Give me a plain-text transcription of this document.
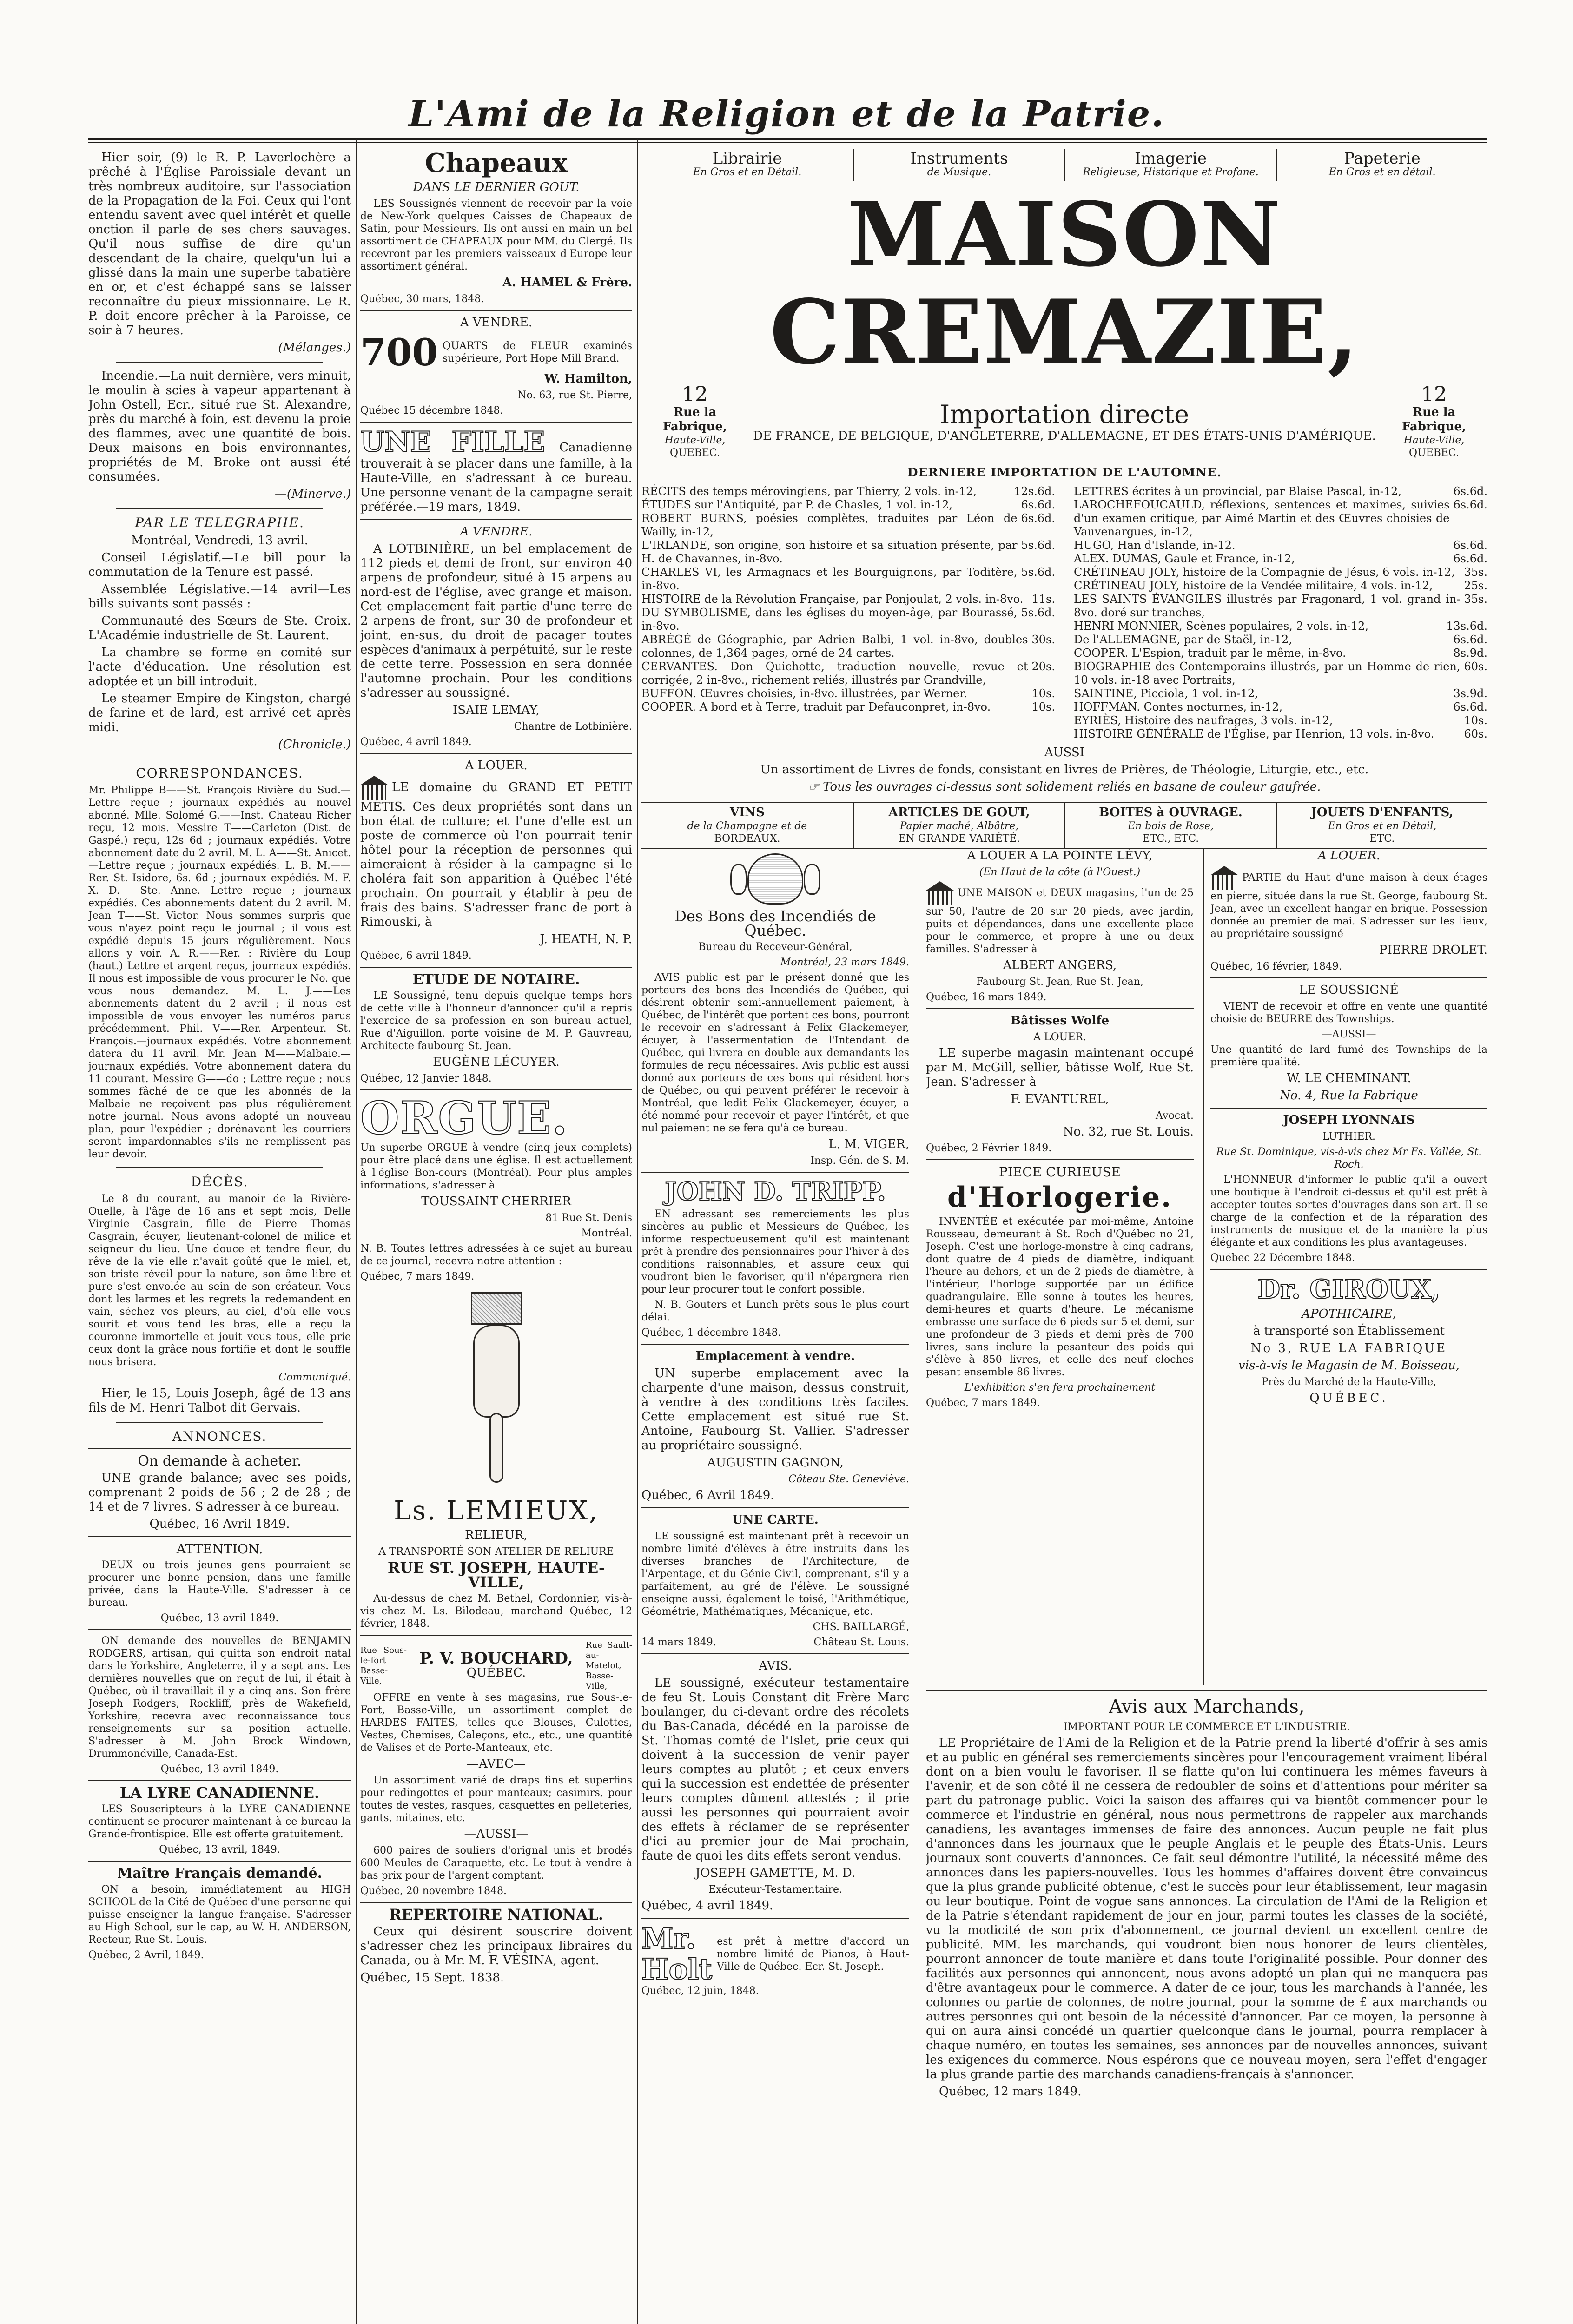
L'Ami de la Religion et de la Patrie.

Hier soir, (9) le R. P. Laverlochère a prêché à l'Église Paroissiale devant un très nombreux auditoire, sur l'association de la Propagation de la Foi. Ceux qui l'ont entendu savent avec quel intérêt et quelle onction il parle de ses chers sauvages. Qu'il nous suffise de dire qu'un descendant de la chaire, quelqu'un lui a glissé dans la main une superbe tabatière en or, et c'est échappé sans se laisser reconnaître du pieux missionnaire. Le R. P. doit encore prêcher à la Paroisse, ce soir à 7 heures.

(Mélanges.)

Incendie.—La nuit dernière, vers minuit, le moulin à scies à vapeur appartenant à John Ostell, Ecr., situé rue St. Alexandre, près du marché à foin, est devenu la proie des flammes, avec une quantité de bois. Deux maisons en bois environnantes, propriétés de M. Broke ont aussi été consumées.

—(Minerve.)

PAR LE TELEGRAPHE.

Montréal, Vendredi, 13 avril.

Conseil Législatif.—Le bill pour la commutation de la Tenure est passé.

Assemblée Législative.—14 avril—Les bills suivants sont passés :

Communauté des Sœurs de Ste. Croix. L'Académie industrielle de St. Laurent.

La chambre se forme en comité sur l'acte d'éducation. Une résolution est adoptée et un bill introduit.

Le steamer Empire de Kingston, chargé de farine et de lard, est arrivé cet après midi.

(Chronicle.)

CORRESPONDANCES.

Mr. Philippe B——St. François Rivière du Sud.—Lettre reçue ; journaux expédiés au nouvel abonné. Mlle. Solomé G.——Inst. Chateau Richer reçu, 12 mois. Messire T——Carleton (Dist. de Gaspé.) reçu, 12s 6d ; journaux expédiés. Votre abonnement date du 2 avril. M. L. A——St. Anicet.—Lettre reçue ; journaux expédiés. L. B. M.——Rer. St. Isidore, 6s. 6d ; journaux expédiés. M. F. X. D.——Ste. Anne.—Lettre reçue ; journaux expédiés. Ces abonnements datent du 2 avril. M. Jean T——St. Victor. Nous sommes surpris que vous n'ayez point reçu le journal ; il vous est expédié depuis 15 jours régulièrement. Nous allons y voir. A. R.——Rer. : Rivière du Loup (haut.) Lettre et argent reçus, journaux expédiés. Il nous est impossible de vous procurer le No. que vous nous demandez. M. L. J.——Les abonnements datent du 2 avril ; il nous est impossible de vous envoyer les numéros parus précédemment. Phil. V——Rer. Arpenteur. St. François.—journaux expédiés. Votre abonnement datera du 11 avril. Mr. Jean M——Malbaie.—journaux expédiés. Votre abonnement datera du 11 courant. Messire G——do ; Lettre reçue ; nous sommes fâché de ce que les abonnés de la Malbaie ne reçoivent pas plus régulièrement notre journal. Nous avons adopté un nouveau plan, pour l'expédier ; dorénavant les courriers seront impardonnables s'ils ne remplissent pas leur devoir.

DÉCÈS.

Le 8 du courant, au manoir de la Rivière-Ouelle, à l'âge de 16 ans et sept mois, Delle Virginie Casgrain, fille de Pierre Thomas Casgrain, écuyer, lieutenant-colonel de milice et seigneur du lieu. Une douce et tendre fleur, du rêve de la vie elle n'avait goûté que le miel, et, son triste réveil pour la nature, son âme libre et pure s'est envolée au sein de son créateur. Vous dont les larmes et les regrets la redemandent en vain, séchez vos pleurs, au ciel, d'où elle vous sourit et vous tend les bras, elle a reçu la couronne immortelle et jouit vous tous, elle prie ceux dont la grâce nous fortifie et dont le souffle nous brisera.

Communiqué.

Hier, le 15, Louis Joseph, âgé de 13 ans fils de M. Henri Talbot dit Gervais.

ANNONCES.

On demande à acheter.

UNE grande balance; avec ses poids, comprenant 2 poids de 56 ; 2 de 28 ; de 14 et de 7 livres. S'adresser à ce bureau.

Québec, 16 Avril 1849.

ATTENTION.

DEUX ou trois jeunes gens pourraient se procurer une bonne pension, dans une famille privée, dans la Haute-Ville. S'adresser à ce bureau.

Québec, 13 avril 1849.

ON demande des nouvelles de BENJAMIN RODGERS, artisan, qui quitta son endroit natal dans le Yorkshire, Angleterre, il y a sept ans. Les dernières nouvelles que on reçut de lui, il était à Québec, où il travaillait il y a cinq ans. Son frère Joseph Rodgers, Rockliff, près de Wakefield, Yorkshire, recevra avec reconnaissance tous renseignements sur sa position actuelle. S'adresser à M. John Brock Windown, Drummondville, Canada-Est.

Québec, 13 avril 1849.

LA LYRE CANADIENNE.

LES Souscripteurs à la LYRE CANADIENNE continuent se procurer maintenant à ce bureau la Grande-frontispice. Elle est offerte gratuitement.

Québec, 13 avril, 1849.

Maître Français demandé.

ON a besoin, immédiatement au HIGH SCHOOL de la Cité de Québec d'une personne qui puisse enseigner la langue française. S'adresser au High School, sur le cap, au W. H. ANDERSON, Recteur, Rue St. Louis.

Québec, 2 Avril, 1849.

Chapeaux

DANS LE DERNIER GOUT.

LES Soussignés viennent de recevoir par la voie de New-York quelques Caisses de Chapeaux de Satin, pour Messieurs. Ils ont aussi en main un bel assortiment de CHAPEAUX pour MM. du Clergé. Ils recevront par les premiers vaisseaux d'Europe leur assortiment général.

A. HAMEL & Frère.

Québec, 30 mars, 1848.

A VENDRE.

700 QUARTS de FLEUR examinés supérieure, Port Hope Mill Brand.

W. Hamilton,

No. 63, rue St. Pierre,

Québec 15 décembre 1848.

UNE FILLE Canadienne trouverait à se placer dans une famille, à la Haute-Ville, en s'adressant à ce bureau. Une personne venant de la campagne serait préférée.—19 mars, 1849.

A VENDRE.

A LOTBINIÈRE, un bel emplacement de 112 pieds et demi de front, sur environ 40 arpens de profondeur, situé à 15 arpens au nord-est de l'église, avec grange et maison. Cet emplacement fait partie d'une terre de 2 arpens de front, sur 30 de profondeur et joint, en-sus, du droit de pacager toutes espèces d'animaux à perpétuité, sur le reste de cette terre. Possession en sera donnée l'automne prochain. Pour les conditions s'adresser au soussigné.

ISAIE LEMAY,

Chantre de Lotbinière.

Québec, 4 avril 1849.

A LOUER.

LE domaine du GRAND ET PETIT MÉTIS. Ces deux propriétés sont dans un bon état de culture; et l'une d'elle est un poste de commerce où l'on pourrait tenir hôtel pour la réception de personnes qui aimeraient à résider à la campagne si le choléra fait son apparition à Québec l'été prochain. On pourrait y établir à peu de frais des bains. S'adresser franc de port à Rimouski, à

J. HEATH, N. P.

Québec, 6 avril 1849.

ETUDE DE NOTAIRE.

LE Soussigné, tenu depuis quelque temps hors de cette ville à l'honneur d'annoncer qu'il a repris l'exercice de sa profession en son bureau actuel, Rue d'Aiguillon, porte voisine de M. P. Gauvreau, Architecte faubourg St. Jean.

EUGÈNE LÉCUYER.

Québec, 12 Janvier 1848.

ORGUE.

Un superbe ORGUE à vendre (cinq jeux complets) pour être placé dans une église. Il est actuellement à l'église Bon-cours (Montréal). Pour plus amples informations, s'adresser à

TOUSSAINT CHERRIER

81 Rue St. Denis

Montréal.

N. B. Toutes lettres adressées à ce sujet au bureau de ce journal, recevra notre attention :

Québec, 7 mars 1849.

Ls. LEMIEUX,

RELIEUR,

A TRANSPORTÉ SON ATELIER DE RELIURE

RUE ST. JOSEPH, HAUTE-VILLE,

Au-dessus de chez M. Bethel, Cordonnier, vis-à-vis chez M. Ls. Bilodeau, marchand Québec, 12 février, 1848.

Rue Sous-le-fort Basse-Ville,
P. V. BOUCHARD,
QUÉBEC.
Rue Sault-au-Matelot, Basse-Ville,

OFFRE en vente à ses magasins, rue Sous-le-Fort, Basse-Ville, un assortiment complet de HARDES FAITES, telles que Blouses, Culottes, Vestes, Chemises, Caleçons, etc., etc., une quantité de Valises et de Porte-Manteaux, etc.

—AVEC—

Un assortiment varié de draps fins et superfins pour redingottes et pour manteaux; casimirs, pour toutes de vestes, rasques, casquettes en pelleteries, gants, mitaines, etc.

—AUSSI—

600 paires de souliers d'orignal unis et brodés 600 Meules de Caraquette, etc. Le tout à vendre à bas prix pour de l'argent comptant.

Québec, 20 novembre 1848.

REPERTOIRE NATIONAL.

Ceux qui désirent souscrire doivent s'adresser chez les principaux libraires du Canada, ou à Mr. M. F. VÉSINA, agent.

Québec, 15 Sept. 1838.

Librairie
En Gros et en Détail.
Instruments
de Musique.
Imagerie
Religieuse, Historique et Profane.
Papeterie
En Gros et en détail.

MAISON CREMAZIE,

12
Rue la Fabrique,
Haute-Ville,
QUEBEC.
Importation directe
DE FRANCE, DE BELGIQUE, D'ANGLETERRE, D'ALLEMAGNE, ET DES ÉTATS-UNIS D'AMÉRIQUE.
12
Rue la Fabrique,
Haute-Ville,
QUEBEC.

DERNIERE IMPORTATION DE L'AUTOMNE.

RÉCITS des temps mérovingiens, par Thierry, 2 vols. in-12,	12s.6d.
ÉTUDES sur l'Antiquité, par P. de Chasles, 1 vol. in-12,	6s.6d.
ROBERT BURNS, poésies complètes, traduites par Léon de Wailly, in-12,
6s.6d.
L'IRLANDE, son origine, son histoire et sa situation présente, par H. de Chavannes, in-8vo.
5s.6d.
CHARLES VI, les Armagnacs et les Bourguignons, par Toditère, in-8vo.
5s.6d.
HISTOIRE de la Révolution Française, par Ponjoulat, 2 vols. in-8vo. 11s.
DU SYMBOLISME, dans les églises du moyen-âge, par Bourassé, in-8vo.
5s.6d.
ABRÉGÉ de Géographie, par Adrien Balbi, 1 vol. in-8vo, doubles colonnes, de 1,364 pages, orné de 24 cartes.
30s.
CERVANTES. Don Quichotte, traduction nouvelle, revue et corrigée, 2 in-8vo., richement reliés, illustrés par Grandville,
20s.
BUFFON. Œuvres choisies, in-8vo. illustrées, par Werner.	10s.
COOPER. A bord et à Terre, traduit par Defauconpret, in-8vo.	10s.
LETTRES écrites à un provincial, par Blaise Pascal, in-12,	6s.6d.
LAROCHEFOUCAULD, réflexions, sentences et maximes, suivies d'un examen critique, par Aimé Martin et des Œuvres choisies de Vauvenargues, in-12,
6s.6d.
HUGO, Han d'Islande, in-12.	6s.6d.
ALEX. DUMAS, Gaule et France, in-12,	6s.6d.
CRÉTINEAU JOLY, histoire de la Compagnie de Jésus, 6 vols. in-12, 35s.
CRÉTINEAU JOLY, histoire de la Vendée militaire, 4 vols. in-12,	25s.
LES SAINTS ÉVANGILES illustrés par Fragonard, 1 vol. grand in-8vo. doré sur tranches,
35s.
HENRI MONNIER, Scènes populaires, 2 vols. in-12,	13s.6d.
De l'ALLEMAGNE, par de Staël, in-12,	6s.6d.
COOPER. L'Espion, traduit par le même, in-8vo.	8s.9d.
BIOGRAPHIE des Contemporains illustrés, par un Homme de rien, 10 vols. in-18 avec Portraits,
60s.
SAINTINE, Picciola, 1 vol. in-12,	3s.9d.
HOFFMAN. Contes nocturnes, in-12,	6s.6d.
EYRIÈS, Histoire des naufrages, 3 vols. in-12,	10s.
HISTOIRE GÉNÉRALE de l'Église, par Henrion, 13 vols. in-8vo.	60s.

—AUSSI—

Un assortiment de Livres de fonds, consistant en livres de Prières, de Théologie, Liturgie, etc., etc.

☞ Tous les ouvrages ci-dessus sont solidement reliés en basane de couleur gaufrée.

VINS
de la Champagne et de
BORDEAUX.
ARTICLES DE GOUT,
Papier maché, Albâtre,
EN GRANDE VARIÉTÉ.
BOITES à OUVRAGE.
En bois de Rose,
ETC., ETC.
JOUETS D'ENFANTS,
En Gros et en Détail,
ETC.

Des Bons des Incendiés de Québec.

Bureau du Receveur-Général,

Montréal, 23 mars 1849.

AVIS public est par le présent donné que les porteurs des bons des Incendiés de Québec, qui désirent obtenir semi-annuellement paiement, à Québec, de l'intérêt que portent ces bons, pourront le recevoir en s'adressant à Felix Glackemeyer, écuyer, à l'assermentation de l'Intendant de Québec, qui livrera en double aux demandants les formules de reçu nécessaires. Avis public est aussi donné aux porteurs de ces bons qui résident hors de Québec, ou qui peuvent préférer le recevoir à Montréal, que ledit Felix Glackemeyer, écuyer, a été nommé pour recevoir et payer l'intérêt, et que nul paiement ne se fera qu'à ce bureau.

L. M. VIGER,

Insp. Gén. de S. M.

JOHN D. TRIPP.

EN adressant ses remerciements les plus sincères au public et Messieurs de Québec, les informe respectueusement qu'il est maintenant prêt à prendre des pensionnaires pour l'hiver à des conditions raisonnables, et assure ceux qui voudront bien le favoriser, qu'il n'épargnera rien pour leur procurer tout le confort possible.

N. B. Gouters et Lunch prêts sous le plus court délai.

Québec, 1 décembre 1848.

Emplacement à vendre.

UN superbe emplacement avec la charpente d'une maison, dessus construit, à vendre à des conditions très faciles. Cette emplacement est situé rue St. Antoine, Faubourg St. Vallier. S'adresser au propriétaire soussigné.

AUGUSTIN GAGNON,

Côteau Ste. Geneviève.

Québec, 6 Avril 1849.

UNE CARTE.

LE soussigné est maintenant prêt à recevoir un nombre limité d'élèves à être instruits dans les diverses branches de l'Architecture, de l'Arpentage, et du Génie Civil, comprenant, s'il y a parfaitement, au gré de l'élève. Le soussigné enseigne aussi, également le toisé, l'Arithmétique, Géométrie, Mathématiques, Mécanique, etc.

CHS. BAILLARGÉ,

14 mars 1849.	Château St. Louis.

AVIS.

LE soussigné, exécuteur testamentaire de feu St. Louis Constant dit Frère Marc boulanger, du ci-devant ordre des récolets du Bas-Canada, décédé en la paroisse de St. Thomas comté de l'Islet, prie ceux qui doivent à la succession de venir payer leurs comptes au plutôt ; et ceux envers qui la succession est endettée de présenter leurs comptes dûment attestés ; il prie aussi les personnes qui pourraient avoir des effets à réclamer de se représenter d'ici au premier jour de Mai prochain, faute de quoi les dits effets seront vendus.

JOSEPH GAMETTE, M. D.

Exécuteur-Testamentaire.

Québec, 4 avril 1849.

Mr. Holt
est prêt à mettre d'accord un nombre limité de Pianos, à Haut-Ville de Québec. Ecr. St. Joseph.

Québec, 12 juin, 1848.

A LOUER A LA POINTE LÉVY,

(En Haut de la côte (à l'Ouest.)

UNE MAISON et DEUX magasins, l'un de 25 sur 50, l'autre de 20 sur 20 pieds, avec jardin, puits et dépendances, dans une excellente place pour le commerce, et propre à une ou deux familles. S'adresser à

ALBERT ANGERS,

Faubourg St. Jean, Rue St. Jean,

Québec, 16 mars 1849.

Bâtisses Wolfe

A LOUER.

LE superbe magasin maintenant occupé par M. McGill, sellier, bâtisse Wolf, Rue St. Jean. S'adresser à

F. EVANTUREL,

Avocat.

No. 32, rue St. Louis.

Québec, 2 Février 1849.

PIECE CURIEUSE

d'Horlogerie.

INVENTÉE et exécutée par moi-même, Antoine Rousseau, demeurant à St. Roch d'Québec no 21, Joseph. C'est une horloge-monstre à cinq cadrans, dont quatre de 4 pieds de diamètre, indiquant l'heure au dehors, et un de 2 pieds de diamètre, à l'intérieur, l'horloge supportée par un édifice quadrangulaire. Elle sonne à toutes les heures, demi-heures et quarts d'heure. Le mécanisme embrasse une surface de 6 pieds sur 5 et demi, sur une profondeur de 3 pieds et demi près de 700 livres, sans inclure la pesanteur des poids qui s'élève à 850 livres, et celle des neuf cloches pesant ensemble 86 livres.

L'exhibition s'en fera prochainement

Québec, 7 mars 1849.

A LOUER.

PARTIE du Haut d'une maison à deux étages en pierre, située dans la rue St. George, faubourg St. Jean, avec un excellent hangar en brique. Possession donnée au premier de mai. S'adresser sur les lieux, au propriétaire soussigné

PIERRE DROLET.

Québec, 16 février, 1849.

LE SOUSSIGNÉ

VIENT de recevoir et offre en vente une quantité choisie de BEURRE des Townships.

—AUSSI—

Une quantité de lard fumé des Townships de la première qualité.

W. LE CHEMINANT.

No. 4, Rue la Fabrique

JOSEPH LYONNAIS

LUTHIER.

Rue St. Dominique, vis-à-vis chez Mr Fs. Vallée, St. Roch.

L'HONNEUR d'informer le public qu'il a ouvert une boutique à l'endroit ci-dessus et qu'il est prêt à accepter toutes sortes d'ouvrages dans son art. Il se charge de la confection et de la réparation des instruments de musique et de la manière la plus élégante et aux conditions les plus avantageuses.

Québec 22 Décembre 1848.

Dr. GIROUX,

APOTHICAIRE,

à transporté son Établissement

No 3, RUE LA FABRIQUE

vis-à-vis le Magasin de M. Boisseau,

Près du Marché de la Haute-Ville,

QUÉBEC.

Avis aux Marchands,

IMPORTANT POUR LE COMMERCE ET L'INDUSTRIE.

LE Propriétaire de l'Ami de la Religion et de la Patrie prend la liberté d'offrir à ses amis et au public en général ses remerciements sincères pour l'encouragement vraiment libéral dont on a bien voulu le favoriser. Il se flatte qu'on lui continuera les mêmes faveurs à l'avenir, et de son côté il ne cessera de redoubler de soins et d'attentions pour mériter sa part du patronage public. Voici la saison des affaires qui va bientôt commencer pour le commerce et l'industrie en général, nous nous permettrons de rappeler aux marchands canadiens, les avantages immenses de faire des annonces. Aucun peuple ne fait plus d'annonces dans les journaux que le peuple Anglais et le peuple des États-Unis. Leurs journaux sont couverts d'annonces. Ce fait seul démontre l'utilité, la nécessité même des annonces dans les papiers-nouvelles. Tous les hommes d'affaires doivent être convaincus que la plus grande publicité obtenue, c'est le succès pour leur établissement, leur magasin ou leur boutique. Point de vogue sans annonces. La circulation de l'Ami de la Religion et de la Patrie s'étendant rapidement de jour en jour, parmi toutes les classes de la société, vu la modicité de son prix d'abonnement, ce journal devient un excellent centre de publicité. MM. les marchands, qui voudront bien nous honorer de leurs clientèles, pourront annoncer de toute manière et dans toute l'originalité possible. Pour donner des facilités aux personnes qui annoncent, nous avons adopté un plan qui ne manquera pas d'être avantageux pour le commerce. A dater de ce jour, tous les marchands à l'année, les colonnes ou partie de colonnes, de notre journal, pour la somme de £ aux marchands ou autres personnes qui ont besoin de la nécessité d'annoncer. Par ce moyen, la personne à qui on aura ainsi concédé un quartier quelconque dans le journal, pourra remplacer à chaque numéro, en toutes les semaines, ses annonces par de nouvelles annonces, suivant les exigences du commerce. Nous espérons que ce nouveau moyen, sera l'effet d'engager la plus grande partie des marchands canadiens-français à s'annoncer.

Québec, 12 mars 1849.
